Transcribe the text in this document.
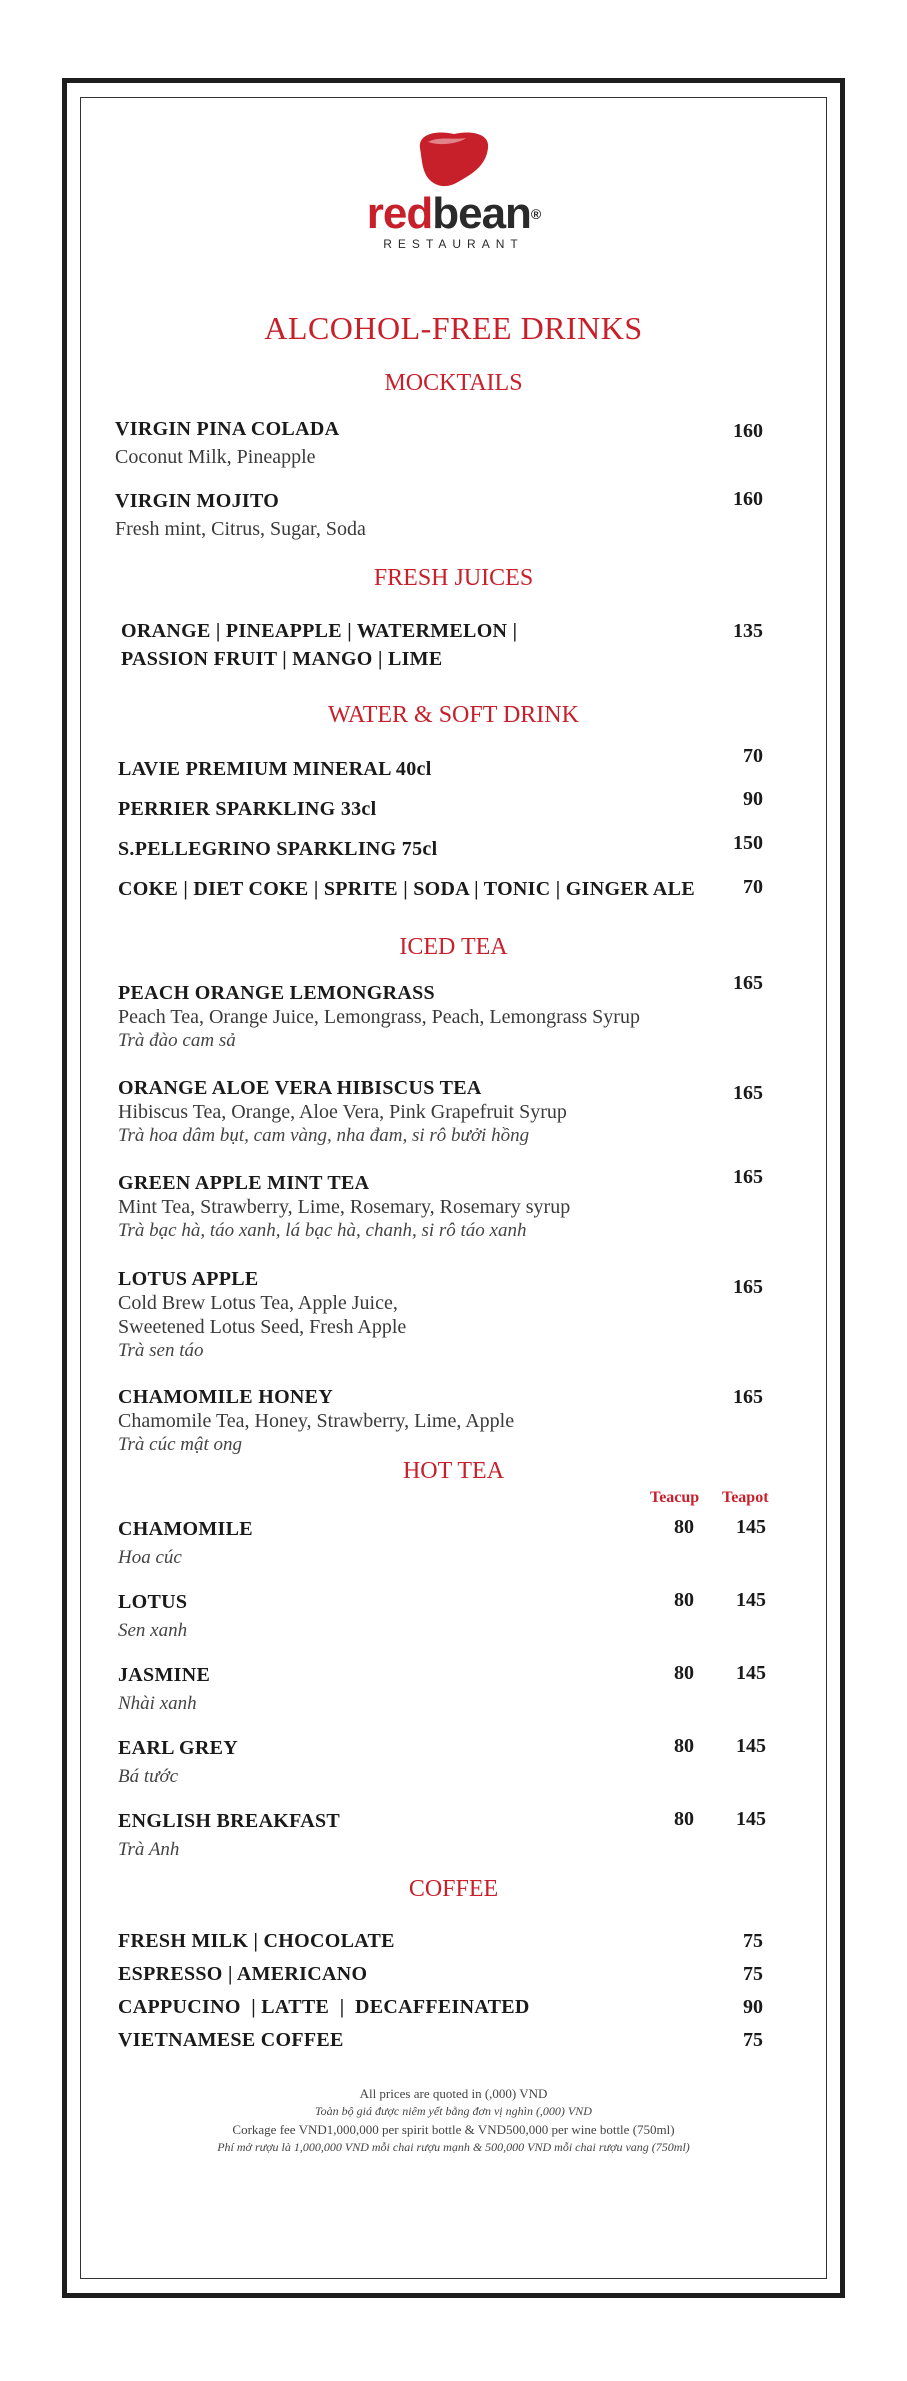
redbean®
RESTAURANT
ALCOHOL-FREE DRINKS
MOCKTAILS
VIRGIN PINA COLADA
Coconut Milk, Pineapple
160
VIRGIN MOJITO
Fresh mint, Citrus, Sugar, Soda
160
FRESH JUICES
ORANGE | PINEAPPLE | WATERMELON |
PASSION FRUIT | MANGO | LIME
135
WATER & SOFT DRINK
LAVIE PREMIUM MINERAL 40cl
70
PERRIER SPARKLING 33cl	90
S.PELLEGRINO SPARKLING 75cl	150
COKE | DIET COKE | SPRITE | SODA | TONIC | GINGER ALE	70
ICED TEA
PEACH ORANGE LEMONGRASS
Peach Tea, Orange Juice, Lemongrass, Peach, Lemongrass Syrup
Trà đào cam sả
165
ORANGE ALOE VERA HIBISCUS TEA
Hibiscus Tea, Orange, Aloe Vera, Pink Grapefruit Syrup
Trà hoa dâm bụt, cam vàng, nha đam, si rô bưởi hồng
165
GREEN APPLE MINT TEA
Mint Tea, Strawberry, Lime, Rosemary, Rosemary syrup
Trà bạc hà, táo xanh, lá bạc hà, chanh, si rô táo xanh
165
LOTUS APPLE
Cold Brew Lotus Tea, Apple Juice,
Sweetened Lotus Seed, Fresh Apple
Trà sen táo
165
CHAMOMILE HONEY
Chamomile Tea, Honey, Strawberry, Lime, Apple
Trà cúc mật ong
165
HOT TEA
Teacup Teapot
CHAMOMILE
Hoa cúc
80	145
LOTUS
Sen xanh
80	145
JASMINE
Nhài xanh
80	145
EARL GREY
Bá tước
80	145
ENGLISH BREAKFAST
Trà Anh
80	145
COFFEE
FRESH MILK | CHOCOLATE	75
ESPRESSO | AMERICANO	75
CAPPUCINO  | LATTE  |  DECAFFEINATED	90
VIETNAMESE COFFEE	75
All prices are quoted in (,000) VND
Toàn bộ giá được niêm yết bằng đơn vị nghìn (,000) VND
Corkage fee VND1,000,000 per spirit bottle & VND500,000 per wine bottle (750ml)
Phí mở rượu là 1,000,000 VND mỗi chai rượu mạnh & 500,000 VND mỗi chai rượu vang (750ml)
